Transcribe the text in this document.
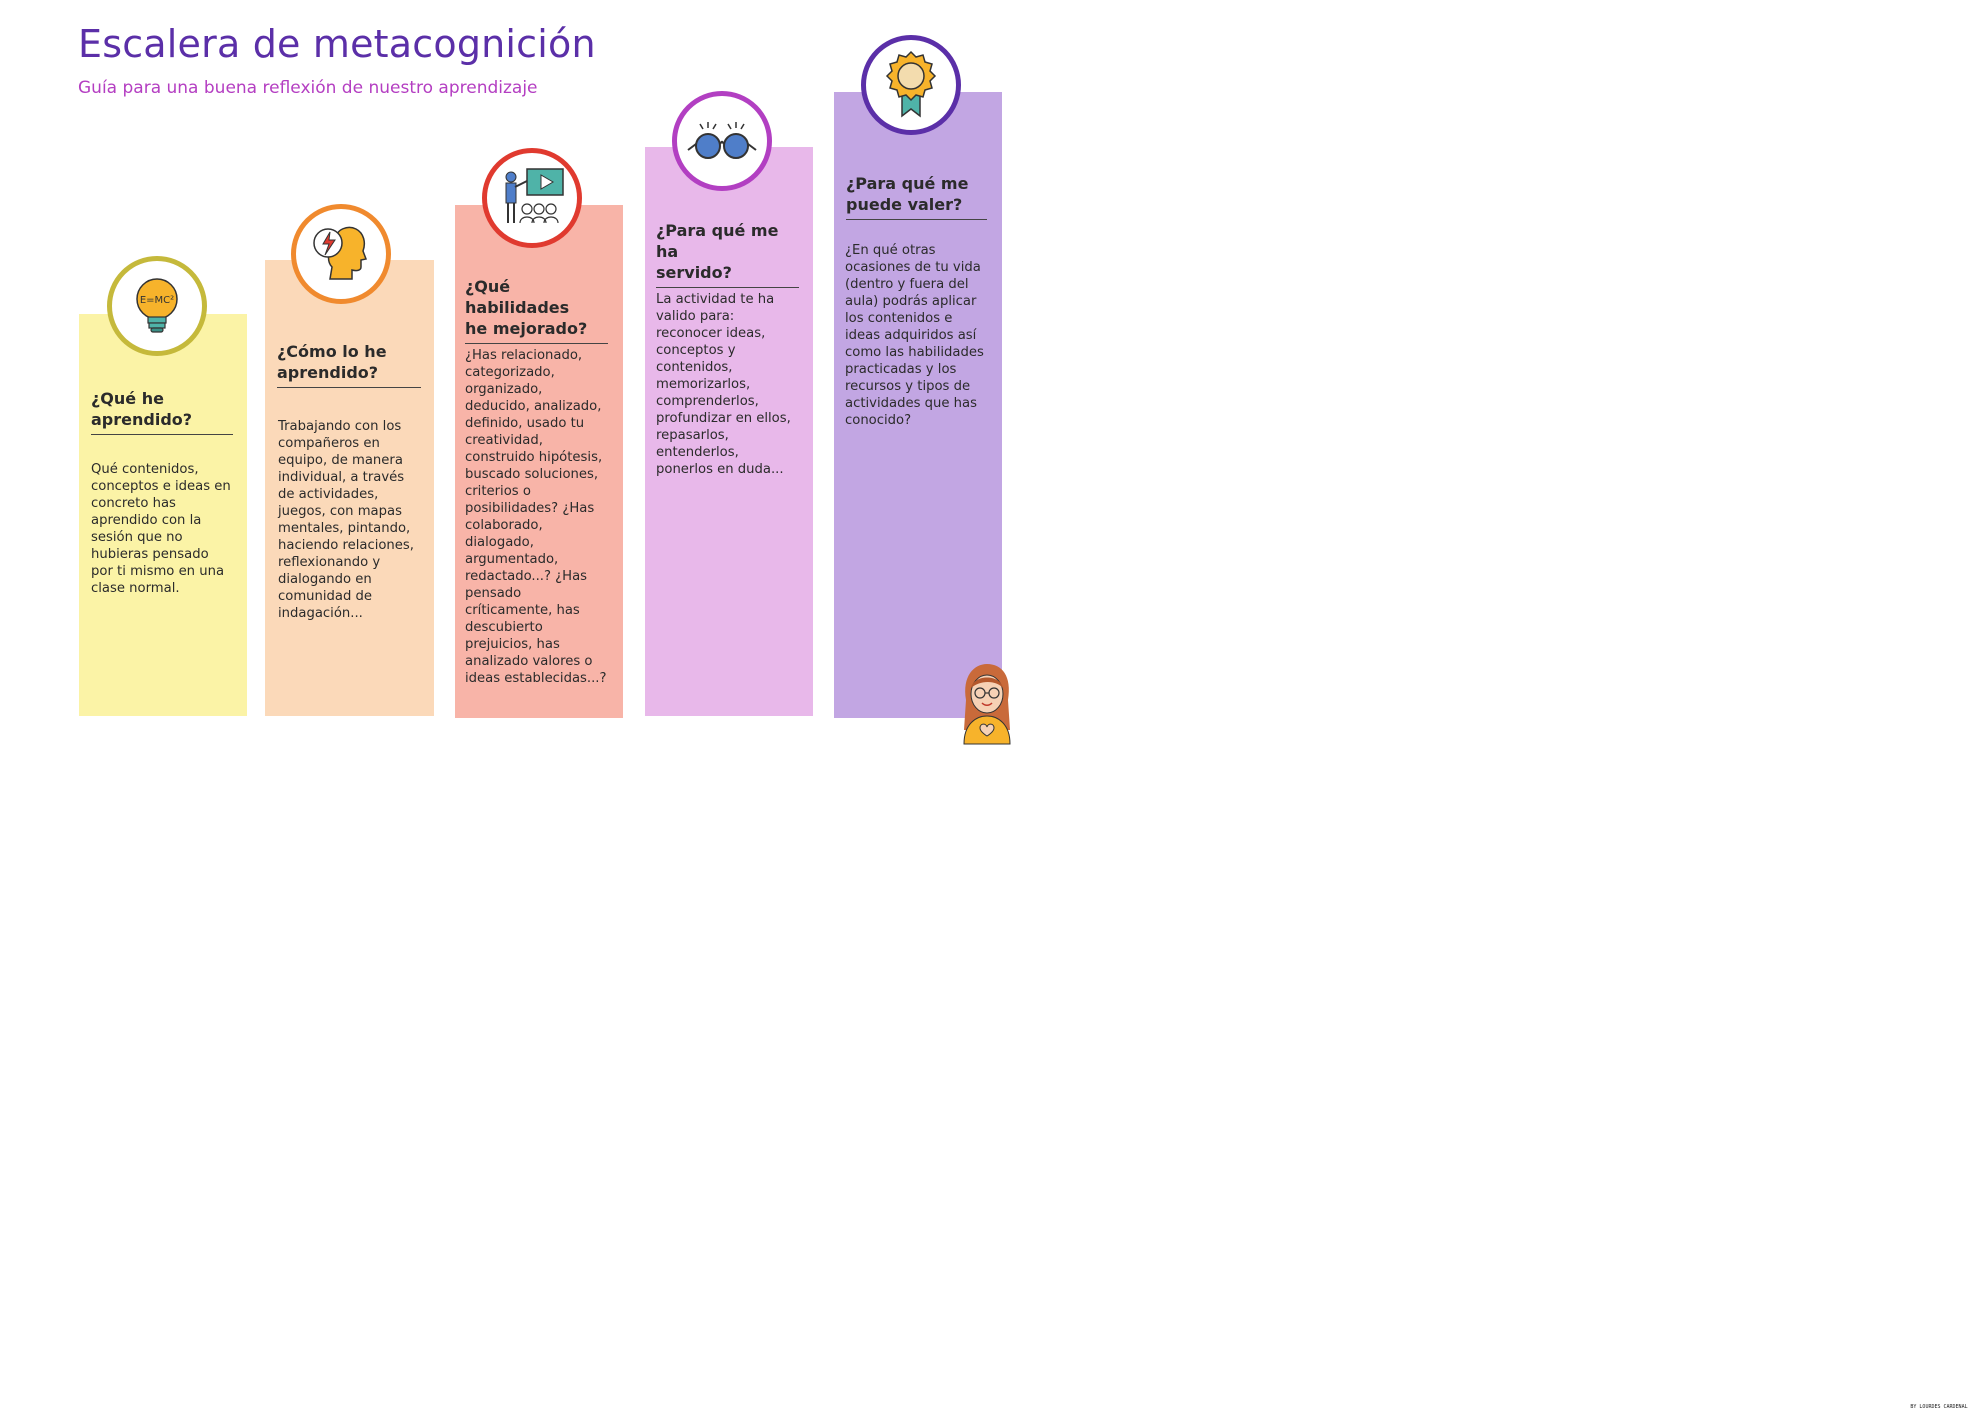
Escalera de metacognición

Guía para una buena reflexión de nuestro aprendizaje

E=MC²
¿Qué he
aprendido?

Qué contenidos,
conceptos e ideas en
concreto has
aprendido con la
sesión que no
hubieras pensado
por ti mismo en una
clase normal.

¿Cómo lo he
aprendido?

Trabajando con los
compañeros en
equipo, de manera
individual, a través
de actividades,
juegos, con mapas
mentales, pintando,
haciendo relaciones,
reflexionando y
dialogando en
comunidad de
indagación...

¿Qué habilidades
he mejorado?

¿Has relacionado,
categorizado,
organizado,
deducido, analizado,
definido, usado tu
creatividad,
construido hipótesis,
buscado soluciones,
criterios o
posibilidades? ¿Has
colaborado,
dialogado,
argumentado,
redactado...? ¿Has
pensado
críticamente, has
descubierto
prejuicios, has
analizado valores o
ideas establecidas...?

¿Para qué me ha
servido?

La actividad te ha
valido para:
reconocer ideas,
conceptos y
contenidos,
memorizarlos,
comprenderlos,
profundizar en ellos,
repasarlos,
entenderlos,
ponerlos en duda...

¿Para qué me
puede valer?

¿En qué otras
ocasiones de tu vida
(dentro y fuera del
aula) podrás aplicar
los contenidos e
ideas adquiridos así
como las habilidades
practicadas y los
recursos y tipos de
actividades que has
conocido?

BY LOURDES CARDENAL
